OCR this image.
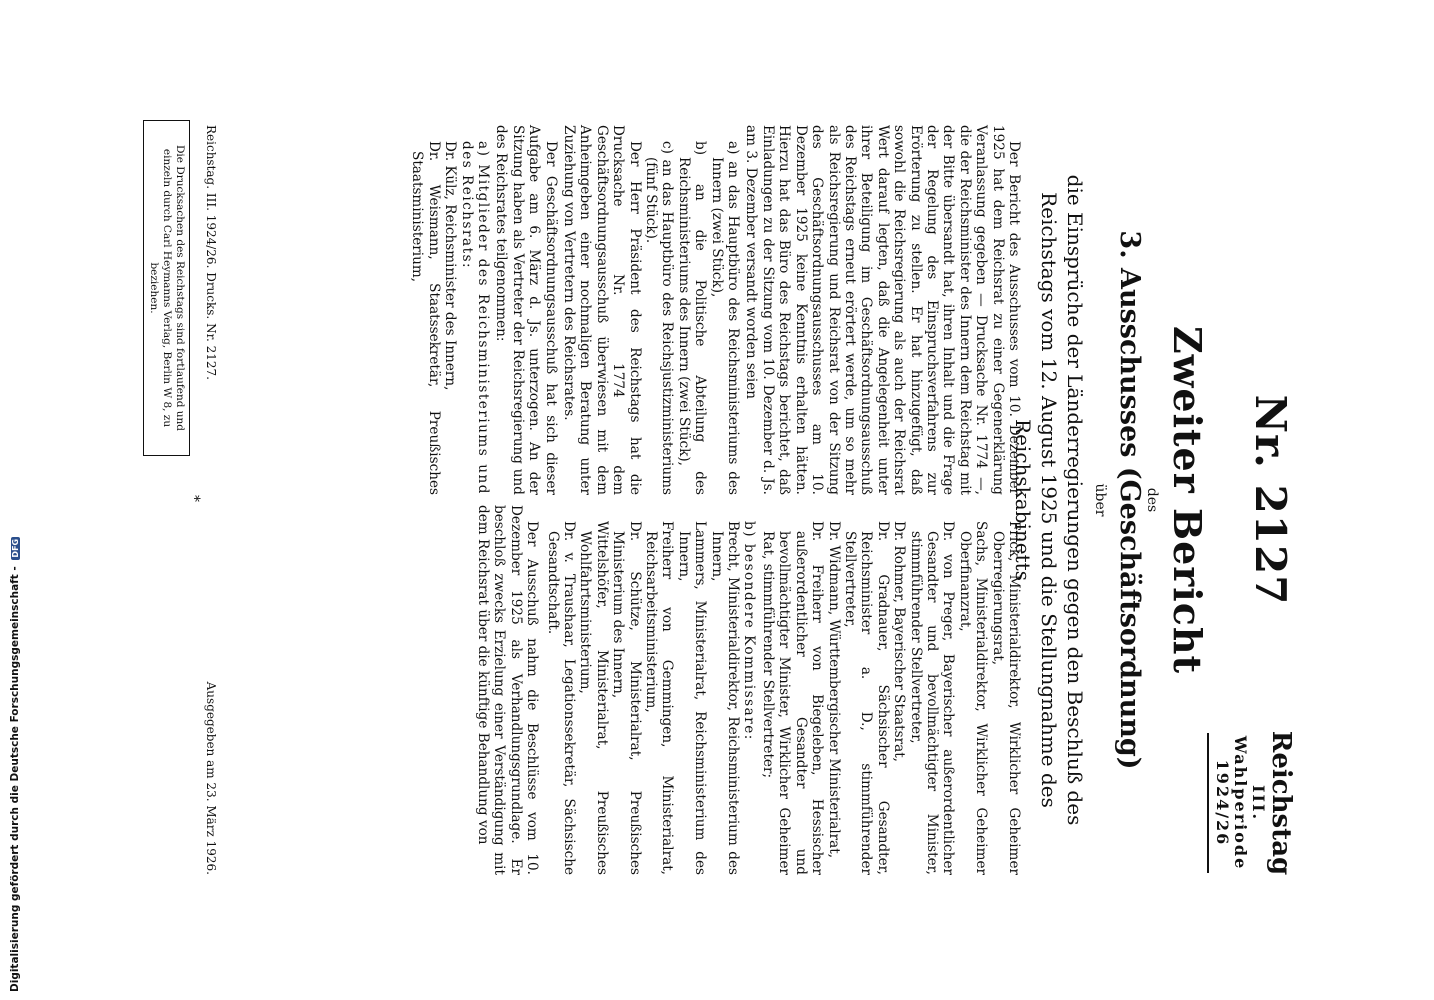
Digitalisierung gefördert durch die Deutsche Forschungsgemeinschaft - DFG
Reichstag
III. Wahlperiode
1924/26
Nr. 2127
Zweiter Bericht
des
3. Ausschusses (Geschäftsordnung)
über
die Einsprüche der Länderregierungen gegen den Beschluß des Reichstags vom 12. August 1925 und die Stellungnahme des Reichskabinetts

Der Bericht des Ausschusses vom 10. Dezember 1925 hat dem Reichsrat zu einer Gegenerklärung Veranlassung gegeben — Drucksache Nr. 1774 —, die der Reichsminister des Innern dem Reichstag mit der Bitte übersandt hat, ihren Inhalt und die Frage der Regelung des Einspruchsverfahrens zur Erörterung zu stellen. Er hat hinzugefügt, daß sowohl die Reichsregierung als auch der Reichsrat Wert darauf legten, daß die Angelegenheit unter ihrer Beteiligung im Geschäftsordnungsausschuß des Reichstags erneut erörtert werde, um so mehr als Reichsregierung und Reichsrat von der Sitzung des Geschäftsordnungsausschusses am 10. Dezember 1925 keine Kenntnis erhalten hätten. Hierzu hat das Büro des Reichstags berichtet, daß Einladungen zu der Sitzung vom 10. Dezember d. Js. am 3. Dezember versandt worden seien

a) an das Hauptbüro des Reichsministeriums des Innern (zwei Stück),
b) an die Politische Abteilung des Reichsministeriums des Innern (zwei Stück),
c) an das Hauptbüro des Reichsjustizministeriums (fünf Stück).

Der Herr Präsident des Reichstags hat die Drucksache Nr. 1774 dem Geschäftsordnungsausschuß überwiesen mit dem Anheimgeben einer nochmaligen Beratung unter Zuziehung von Vertretern des Reichsrates.

Der Geschäftsordnungsausschuß hat sich dieser Aufgabe am 6. März d. Js. unterzogen. An der Sitzung haben als Vertreter der Reichsregierung und des Reichsrates teilgenommen:

a) Mitglieder des Reichsministeriums und des Reichsrats:
Dr. Külz, Reichsminister des Innern,
Dr. Weismann, Staatssekretär, Preußisches Staatsministerium,
Frick, Ministerialdirektor, Wirklicher Geheimer Oberregierungsrat,
Sachs, Ministerialdirektor, Wirklicher Geheimer Oberfinanzrat,
Dr. von Preger, Bayerischer außerordentlicher Gesandter und bevollmächtigter Minister, stimmführender Stellvertreter,
Dr. Rohmer, Bayerischer Staatsrat,
Dr. Gradnauer, Sächsischer Gesandter, Reichsminister a. D., stimmführender Stellvertreter,
Dr. Widmann, Württembergischer Ministerialrat,
Dr. Freiherr von Biegeleben, Hessischer außerordentlicher Gesandter und bevollmächtigter Minister, Wirklicher Geheimer Rat, stimmführender Stellvertreter;
b) besondere Kommissare:
Brecht, Ministerialdirektor, Reichsministerium des Innern,
Lammers, Ministerialrat, Reichsministerium des Innern,
Freiherr von Gemmingen, Ministerialrat, Reichsarbeitsministerium,
Dr. Schütze, Ministerialrat, Preußisches Ministerium des Innern,
Wittelshöfer, Ministerialrat, Preußisches Wohlfahrtsministerium,
Dr. v. Traushaar, Legationssekretär, Sächsische Gesandtschaft.

Der Ausschuß nahm die Beschlüsse vom 10. Dezember 1925 als Verhandlungsgrundlage. Er beschloß zwecks Erzielung einer Verständigung mit dem Reichsrat über die künftige Behandlung von

Reichstag. III. 1924/26. Drucks. Nr. 2127.
Ausgegeben am 23. März 1926.
Die Drucksachen des Reichstags sind fortlaufend und einzeln durch Carl Heymanns Verlag, Berlin W 8, zu beziehen.
*
